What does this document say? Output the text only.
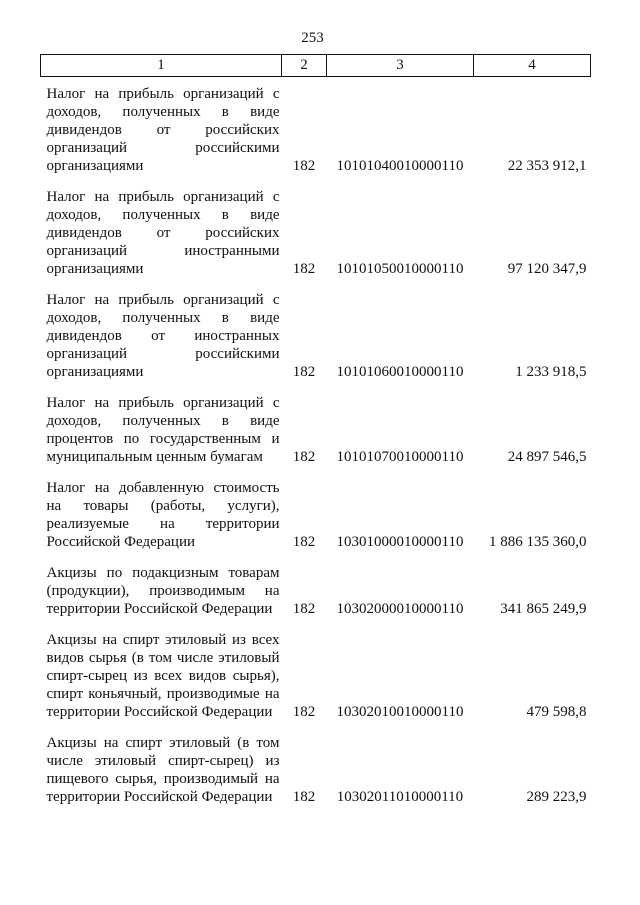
253
1	2	3	4
Налог на прибыль организаций с доходов, полученных в виде дивидендов от российских организаций российскими организациями	182	10101040010000110	22 353 912,1
Налог на прибыль организаций с доходов, полученных в виде дивидендов от российских организаций иностранными организациями	182	10101050010000110	97 120 347,9
Налог на прибыль организаций с доходов, полученных в виде дивидендов от иностранных организаций российскими организациями	182	10101060010000110	1 233 918,5
Налог на прибыль организаций с доходов, полученных в виде процентов по государственным и муниципальным ценным бумагам	182	10101070010000110	24 897 546,5
Налог на добавленную стоимость на товары (работы, услуги), реализуемые на территории Российской Федерации	182	10301000010000110	1 886 135 360,0
Акцизы по подакцизным товарам (продукции), производимым на территории Российской Федерации	182	10302000010000110	341 865 249,9
Акцизы на спирт этиловый из всех видов сырья (в том числе этиловый спирт-сырец из всех видов сырья), спирт коньячный, производимые на территории Российской Федерации	182	10302010010000110	479 598,8
Акцизы на спирт этиловый (в том числе этиловый спирт-сырец) из пищевого сырья, производимый на территории Российской Федерации	182	10302011010000110	289 223,9
